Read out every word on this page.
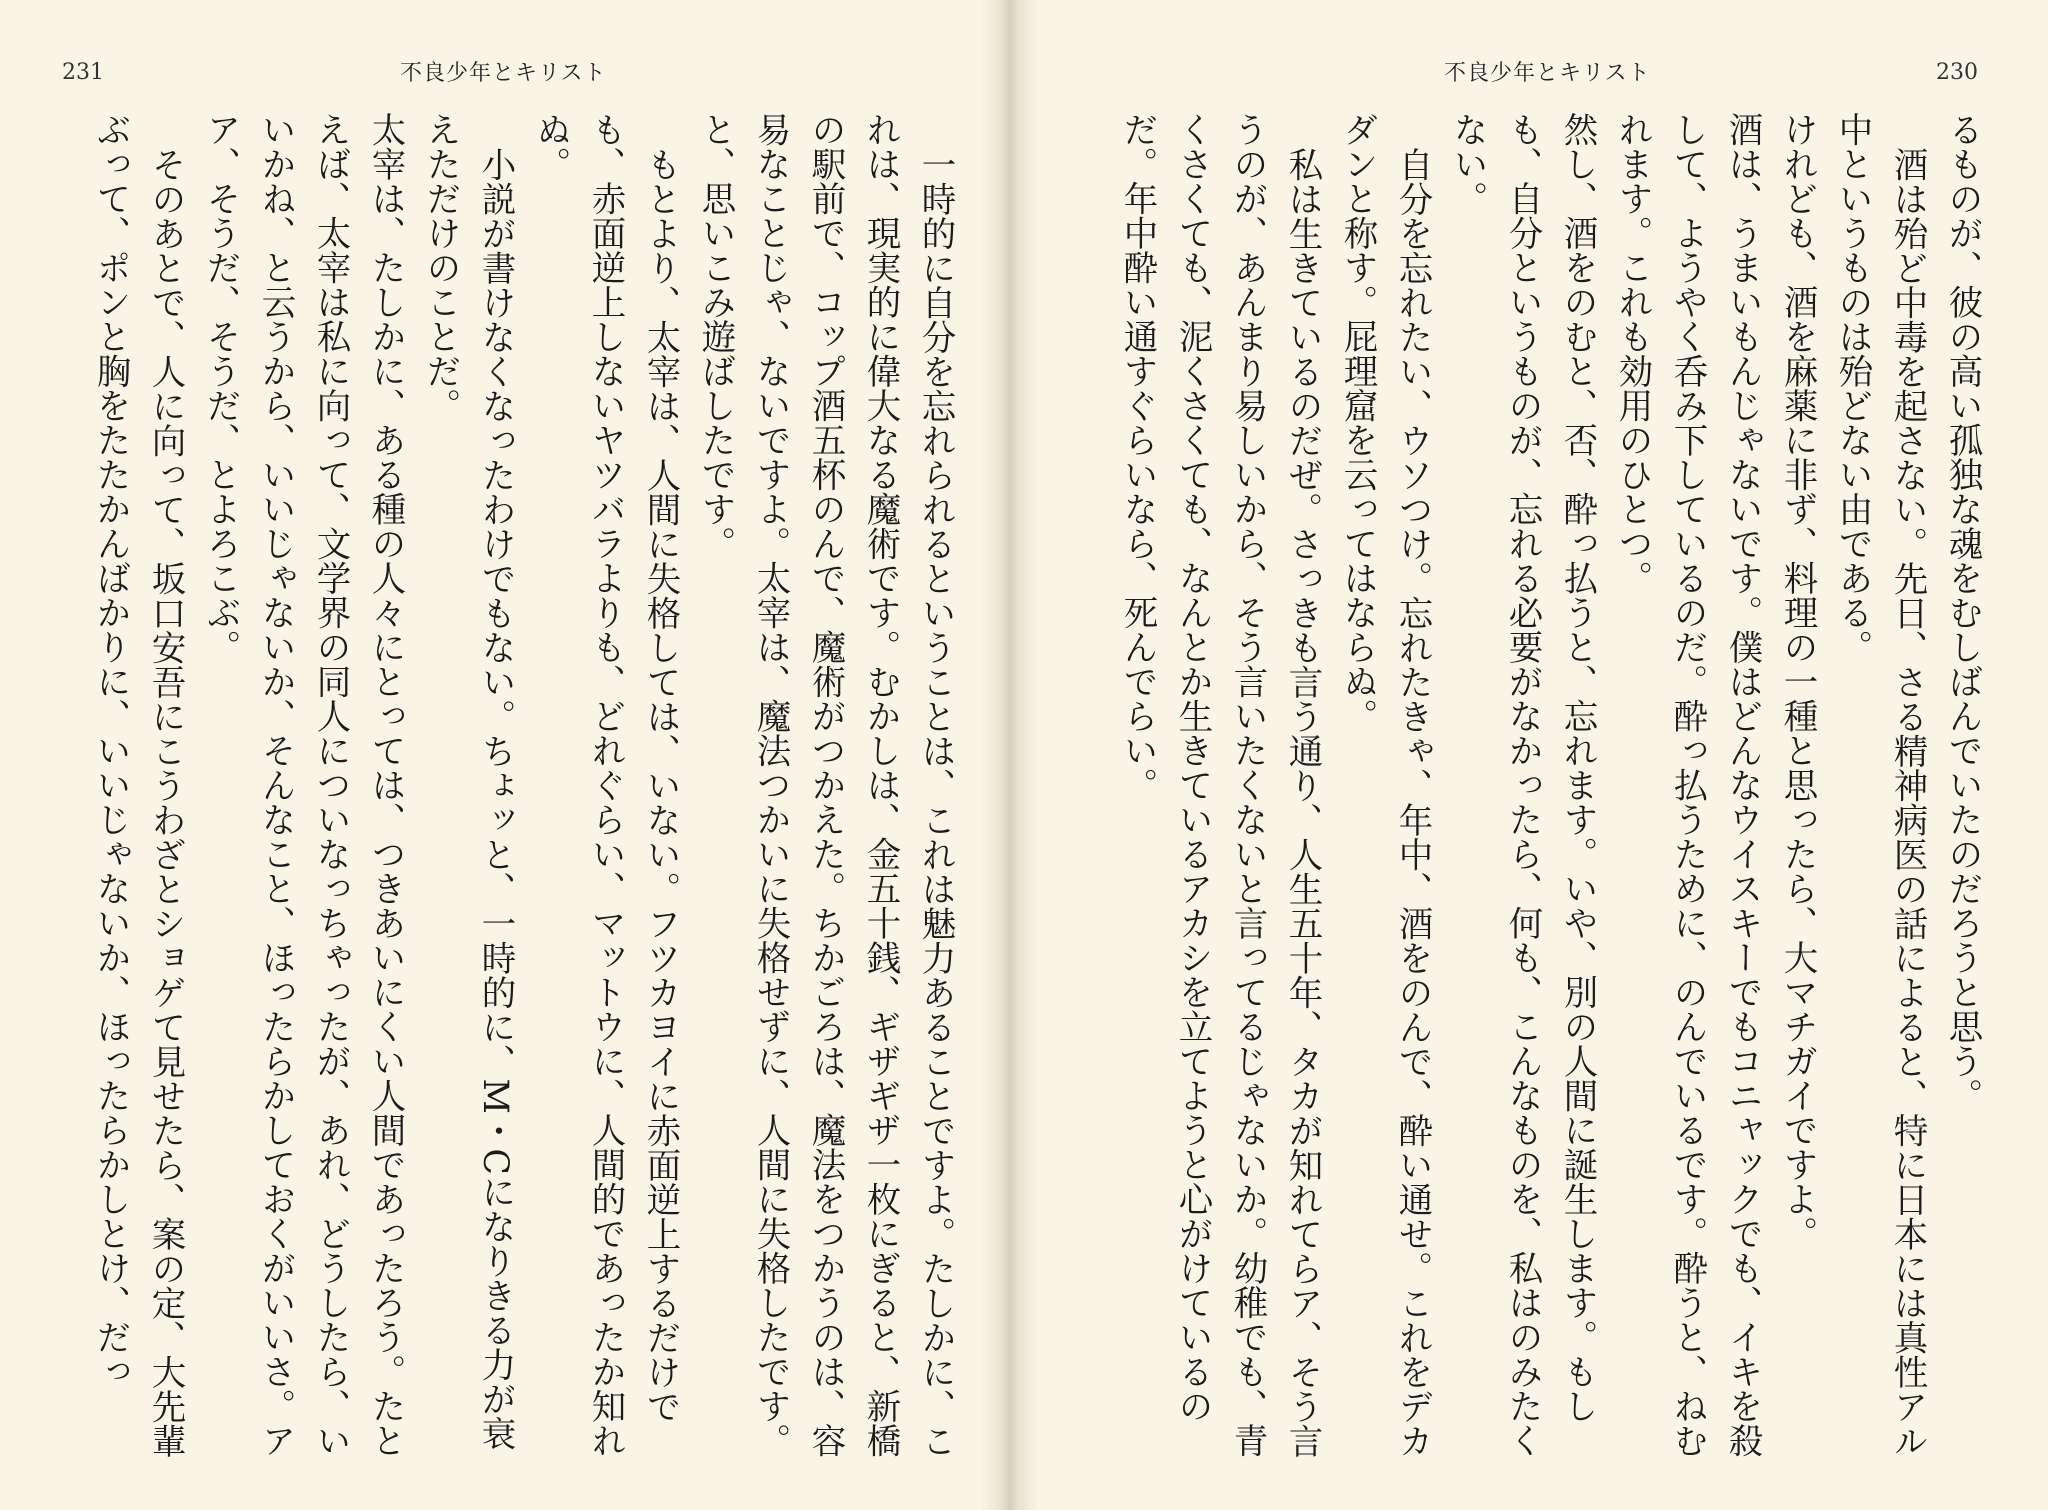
231	不良少年とキリスト

一時的に自分を忘れられるということは、これは魅力あることですよ。たしかに、これは、現実的に偉大なる魔術です。むかしは、金五十銭、ギザギザ一枚にぎると、新橋の駅前で、コップ酒五杯のんで、魔術がつかえた。ちかごろは、魔法をつかうのは、容易なことじゃ、ないですよ。太宰は、魔法つかいに失格せずに、人間に失格したです。と、思いこみ遊ばしたです。

もとより、太宰は、人間に失格しては、いない。フツカヨイに赤面逆上するだけでも、赤面逆上しないヤツバラよりも、どれぐらい、マットウに、人間的であったか知れぬ。

小説が書けなくなったわけでもない。ちょッと、一時的に、M・Cになりきる力が衰えただけのことだ。

太宰は、たしかに、ある種の人々にとっては、つきあいにくい人間であったろう。たとえば、太宰は私に向って、文学界の同人についなっちゃったが、あれ、どうしたら、いいかね、と云うから、いいじゃないか、そんなこと、ほったらかしておくがいいさ。アア、そうだ、そうだ、とよろこぶ。

そのあとで、人に向って、坂口安吾にこうわざとショゲて見せたら、案の定、大先輩ぶって、ポンと胸をたたかんばかりに、いいじゃないか、ほったらかしとけ、だっ

230
不良少年とキリスト

るものが、彼の高い孤独な魂をむしばんでいたのだろうと思う。

酒は殆ど中毒を起さない。先日、さる精神病医の話によると、特に日本には真性アル中というものは殆どない由である。

けれども、酒を麻薬に非ず、料理の一種と思ったら、大マチガイですよ。

酒は、うまいもんじゃないです。僕はどんなウイスキーでもコニャックでも、イキを殺して、ようやく呑み下しているのだ。酔っ払うために、のんでいるです。酔うと、ねむれます。これも効用のひとつ。

然し、酒をのむと、否、酔っ払うと、忘れます。いや、別の人間に誕生します。もしも、自分というものが、忘れる必要がなかったら、何も、こんなものを、私はのみたくない。

自分を忘れたい、ウソつけ。忘れたきゃ、年中、酒をのんで、酔い通せ。これをデカダンと称す。屁理窟を云ってはならぬ。

私は生きているのだぜ。さっきも言う通り、人生五十年、タカが知れてらア、そう言うのが、あんまり易しいから、そう言いたくないと言ってるじゃないか。幼稚でも、青くさくても、泥くさくても、なんとか生きているアカシを立てようと心がけているのだ。年中酔い通すぐらいなら、死んでらい。
